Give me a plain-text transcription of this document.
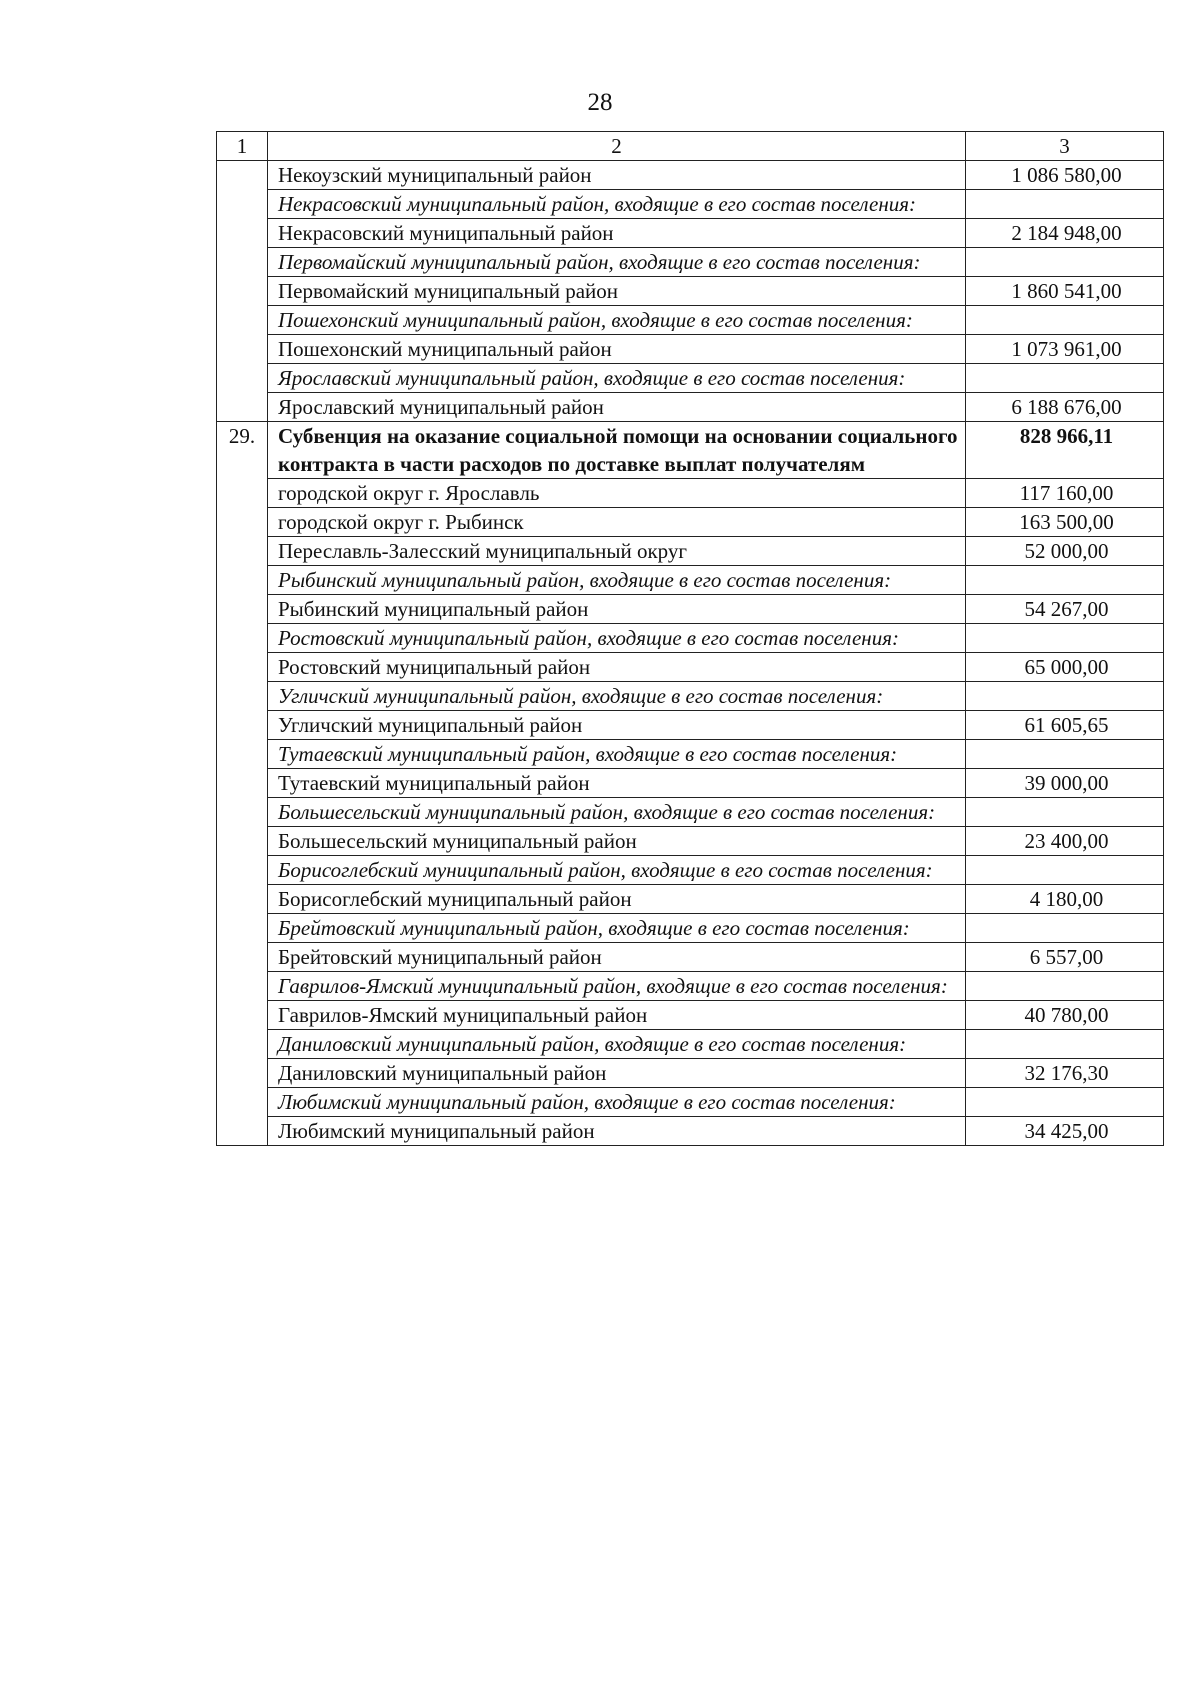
28
1	2	3
	Некоузский муниципальный район	1 086 580,00
	Некрасовский муниципальный район, входящие в его состав поселения:	
	Некрасовский муниципальный район	2 184 948,00
	Первомайский муниципальный район, входящие в его состав поселения:	
	Первомайский муниципальный район	1 860 541,00
	Пошехонский муниципальный район, входящие в его состав поселения:	
	Пошехонский муниципальный район	1 073 961,00
	Ярославский муниципальный район, входящие в его состав поселения:	
	Ярославский муниципальный район	6 188 676,00
29.	Субвенция на оказание социальной помощи на основании социального контракта в части расходов по доставке выплат получателям	828 966,11
	городской округ г. Ярославль	117 160,00
	городской округ г. Рыбинск	163 500,00
	Переславль-Залесский муниципальный округ	52 000,00
	Рыбинский муниципальный район, входящие в его состав поселения:	
	Рыбинский муниципальный район	54 267,00
	Ростовский муниципальный район, входящие в его состав поселения:	
	Ростовский муниципальный район	65 000,00
	Угличский муниципальный район, входящие в его состав поселения:	
	Угличский муниципальный район	61 605,65
	Тутаевский муниципальный район, входящие в его состав поселения:	
	Тутаевский муниципальный район	39 000,00
	Большесельский муниципальный район, входящие в его состав поселения:	
	Большесельский муниципальный район	23 400,00
	Борисоглебский муниципальный район, входящие в его состав поселения:	
	Борисоглебский муниципальный район	4 180,00
	Брейтовский муниципальный район, входящие в его состав поселения:	
	Брейтовский муниципальный район	6 557,00
	Гаврилов-Ямский муниципальный район, входящие в его состав поселения:	
	Гаврилов-Ямский муниципальный район	40 780,00
	Даниловский муниципальный район, входящие в его состав поселения:	
	Даниловский муниципальный район	32 176,30
	Любимский муниципальный район, входящие в его состав поселения:	
	Любимский муниципальный район	34 425,00
